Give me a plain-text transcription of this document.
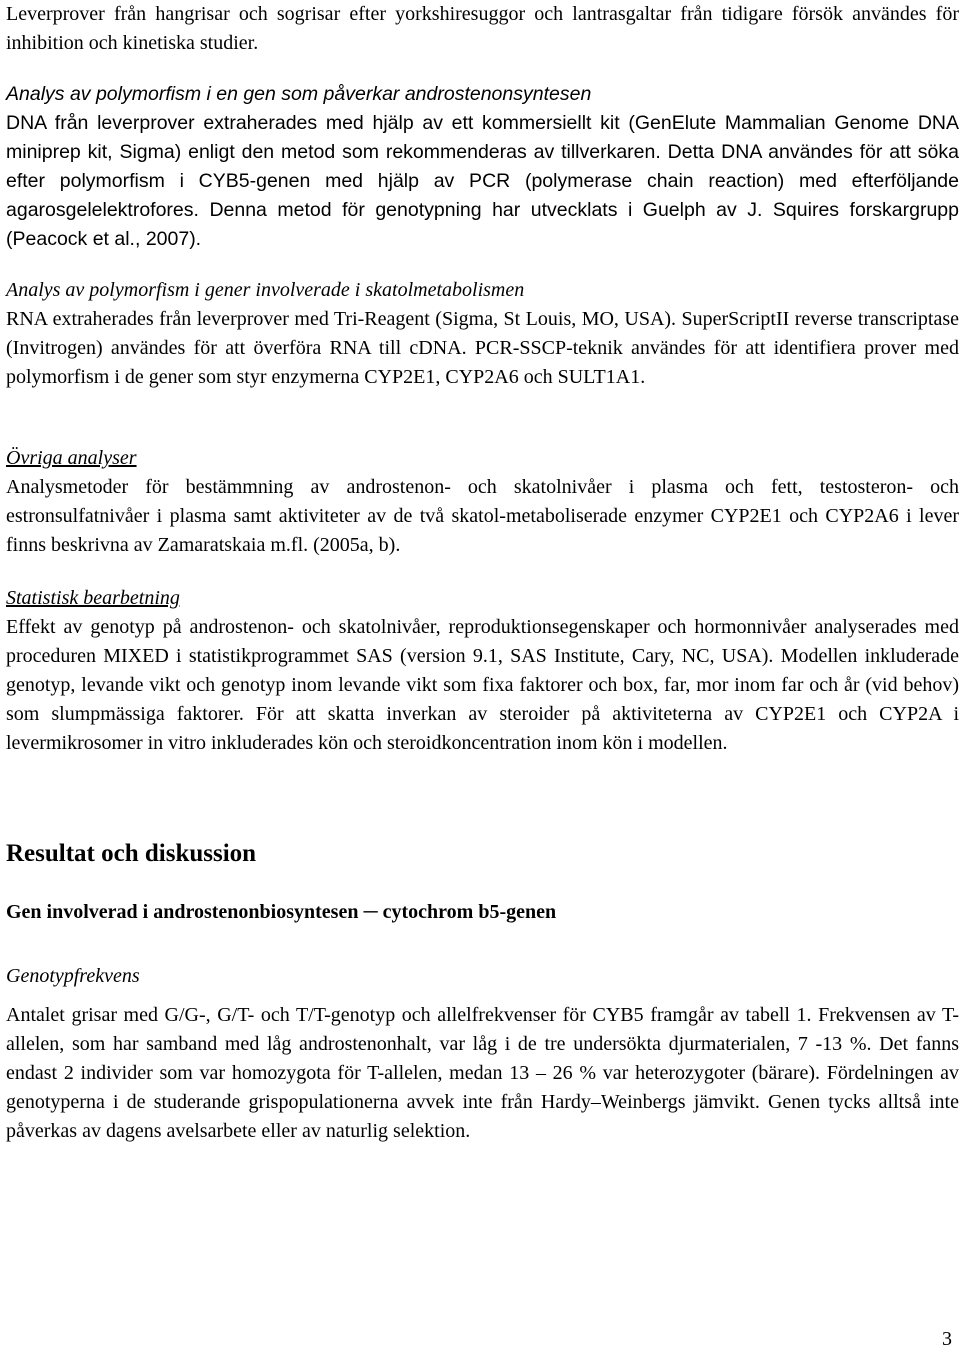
Leverprover från hangrisar och sogrisar efter yorkshiresuggor och lantrasgaltar från tidigare försök användes för inhibition och kinetiska studier.
Analys av polymorfism i en gen som påverkar androstenonsyntesen
DNA från leverprover extraherades med hjälp av ett kommersiellt kit (GenElute Mammalian Genome DNA miniprep kit, Sigma) enligt den metod som rekommenderas av tillverkaren. Detta DNA användes för att söka efter polymorfism i CYB5-genen med hjälp av PCR (polymerase chain reaction) med efterföljande agarosgelelektrofores. Denna metod för genotypning har utvecklats i Guelph av J. Squires forskargrupp (Peacock et al., 2007).
Analys av polymorfism i gener involverade i skatolmetabolismen
RNA extraherades från leverprover med Tri-Reagent (Sigma, St Louis, MO, USA). SuperScriptII reverse transcriptase (Invitrogen) användes för att överföra RNA till cDNA. PCR-SSCP-teknik användes för att identifiera prover med polymorfism i de gener som styr enzymerna CYP2E1, CYP2A6 och SULT1A1.
Övriga analyser
Analysmetoder för bestämmning av androstenon- och skatolnivåer i plasma och fett, testosteron- och estronsulfatnivåer i plasma samt aktiviteter av de två skatol-metaboliserade enzymer CYP2E1 och CYP2A6 i lever finns beskrivna av Zamaratskaia m.fl. (2005a, b).
Statistisk bearbetning
Effekt av genotyp på androstenon- och skatolnivåer, reproduktionsegenskaper och hormonnivåer analyserades med proceduren MIXED i statistikprogrammet SAS (version 9.1, SAS Institute, Cary, NC, USA). Modellen inkluderade genotyp, levande vikt och genotyp inom levande vikt som fixa faktorer och box, far, mor inom far och år (vid behov) som slumpmässiga faktorer. För att skatta inverkan av steroider på aktiviteterna av CYP2E1 och CYP2A i levermikrosomer in vitro inkluderades kön och steroidkoncentration inom kön i modellen.
Resultat och diskussion
Gen involverad i androstenonbiosyntesen ─ cytochrom b5-genen
Genotypfrekvens
Antalet grisar med G/G-, G/T- och T/T-genotyp och allelfrekvenser för CYB5 framgår av tabell 1. Frekvensen av T-allelen, som har samband med låg androstenonhalt, var låg i de tre undersökta djurmaterialen, 7 -13 %. Det fanns endast 2 individer som var homozygota för T-allelen, medan 13 – 26 % var heterozygoter (bärare). Fördelningen av genotyperna i de studerande grispopulationerna avvek inte från Hardy–Weinbergs jämvikt. Genen tycks alltså inte påverkas av dagens avelsarbete eller av naturlig selektion.
3
